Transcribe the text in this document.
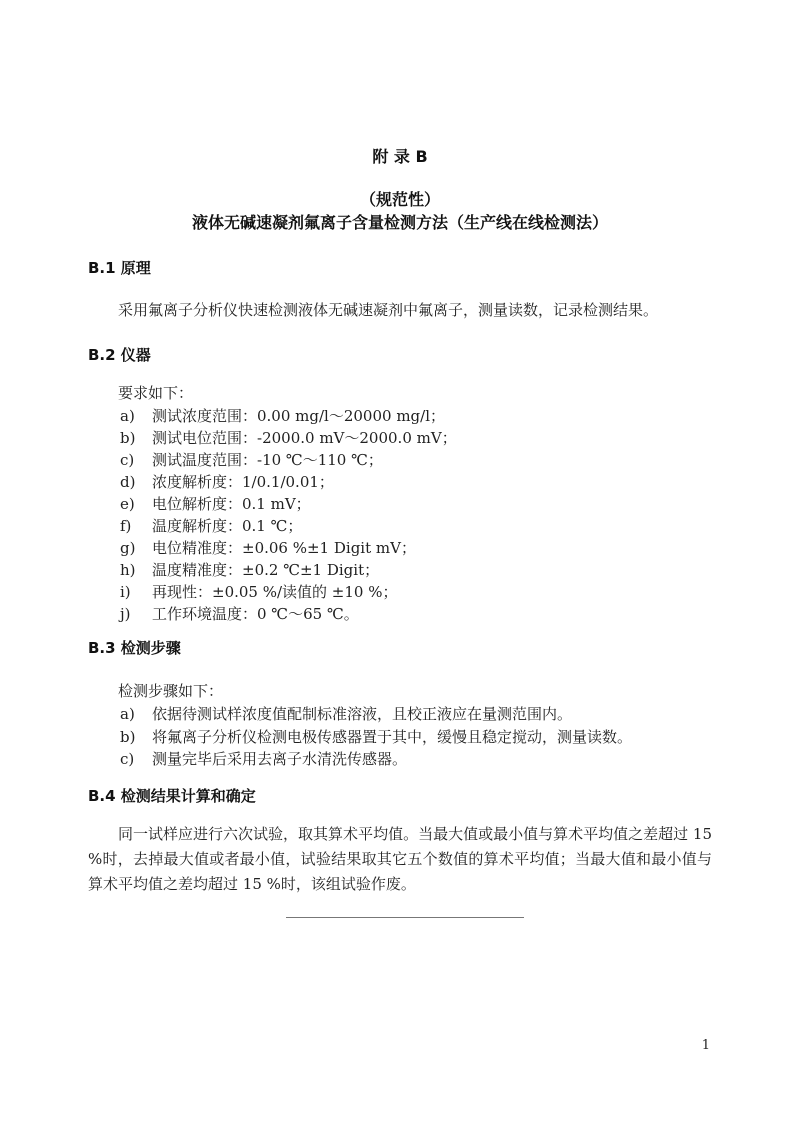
附 录 B
（规范性）
液体无碱速凝剂氟离子含量检测方法（生产线在线检测法）
B.1 原理

采用氟离子分析仪快速检测液体无碱速凝剂中氟离子，测量读数，记录检测结果。

B.2 仪器

要求如下：

a)	测试浓度范围：0.00 mg/l～20000 mg/l；
b)	测试电位范围：-2000.0 mV～2000.0 mV；
c)	测试温度范围：-10 ℃～110 ℃；
d)	浓度解析度：1/0.1/0.01；
e)	电位解析度：0.1 mV；
f)	温度解析度：0.1 ℃；
g)	电位精准度：±0.06 %±1 Digit mV；
h)	温度精准度：±0.2 ℃±1 Digit；
i)	再现性：±0.05 %/读值的 ±10 %；
j)	工作环境温度：0 ℃～65 ℃。
B.3 检测步骤

检测步骤如下：

a)	依据待测试样浓度值配制标准溶液，且校正液应在量测范围内。
b)	将氟离子分析仪检测电极传感器置于其中，缓慢且稳定搅动，测量读数。
c)	测量完毕后采用去离子水清洗传感器。
B.4 检测结果计算和确定

同一试样应进行六次试验，取其算术平均值。当最大值或最小值与算术平均值之差超过 15 %时，去掉最大值或者最小值，试验结果取其它五个数值的算术平均值；当最大值和最小值与算术平均值之差均超过 15 %时，该组试验作废。

1
